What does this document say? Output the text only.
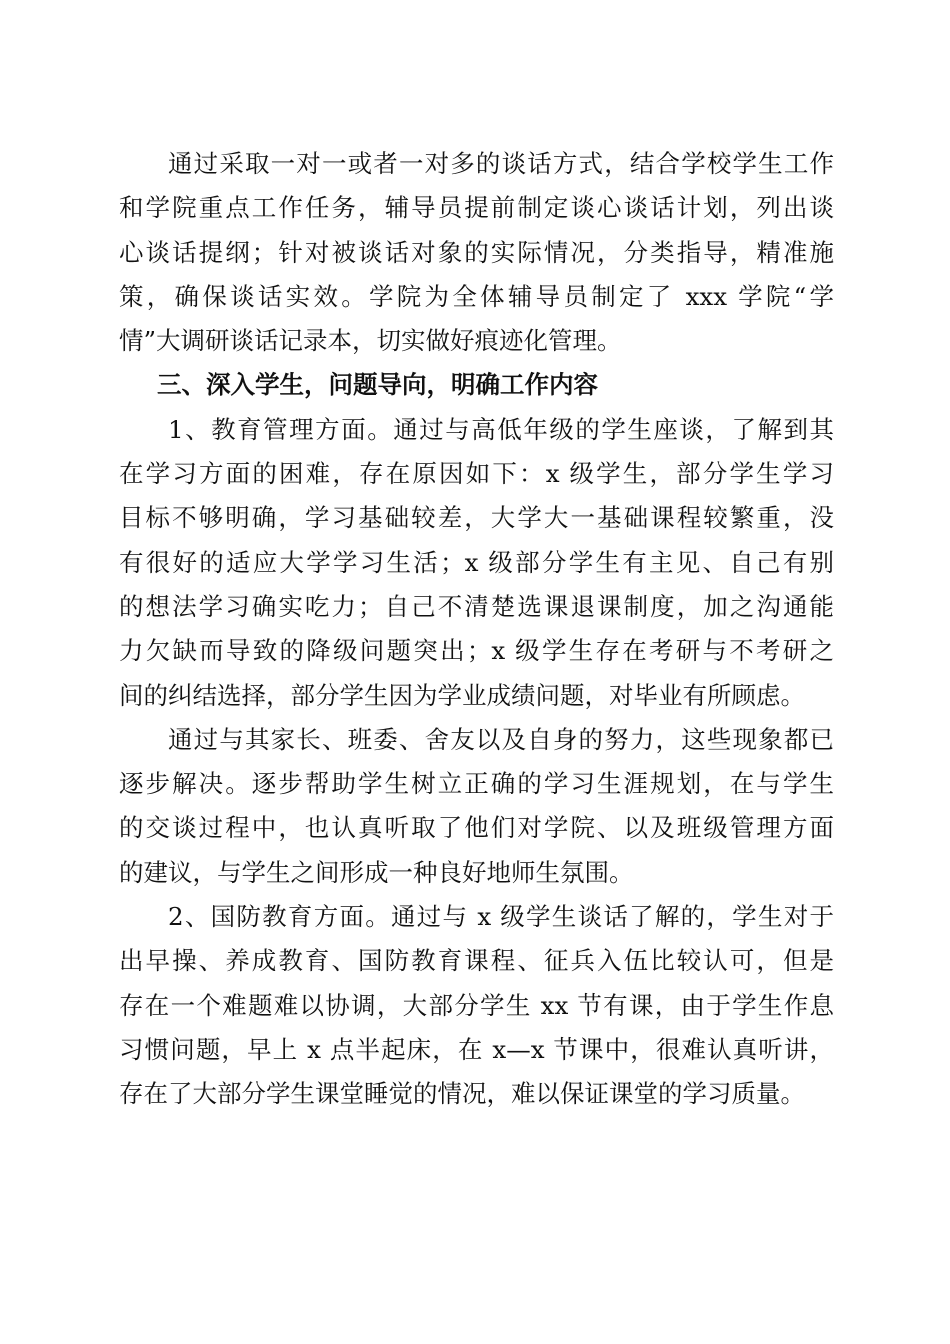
通过采取一对一或者一对多的谈话方式，结合学校学生工作
和学院重点工作任务，辅导员提前制定谈心谈话计划，列出谈
心谈话提纲；针对被谈话对象的实际情况，分类指导，精准施
策，确保谈话实效。学院为全体辅导员制定了 xxx 学院“学
情”大调研谈话记录本，切实做好痕迹化管理。
三、深入学生，问题导向，明确工作内容
1、教育管理方面。通过与高低年级的学生座谈，了解到其
在学习方面的困难，存在原因如下：x 级学生，部分学生学习
目标不够明确，学习基础较差，大学大一基础课程较繁重，没
有很好的适应大学学习生活；x 级部分学生有主见、自己有别
的想法学习确实吃力；自己不清楚选课退课制度，加之沟通能
力欠缺而导致的降级问题突出；x 级学生存在考研与不考研之
间的纠结选择，部分学生因为学业成绩问题，对毕业有所顾虑。
通过与其家长、班委、舍友以及自身的努力，这些现象都已
逐步解决。逐步帮助学生树立正确的学习生涯规划，在与学生
的交谈过程中，也认真听取了他们对学院、以及班级管理方面
的建议，与学生之间形成一种良好地师生氛围。
2、国防教育方面。通过与 x 级学生谈话了解的，学生对于
出早操、养成教育、国防教育课程、征兵入伍比较认可，但是
存在一个难题难以协调，大部分学生 xx 节有课，由于学生作息
习惯问题，早上 x 点半起床，在 x—x 节课中，很难认真听讲，
存在了大部分学生课堂睡觉的情况，难以保证课堂的学习质量。
